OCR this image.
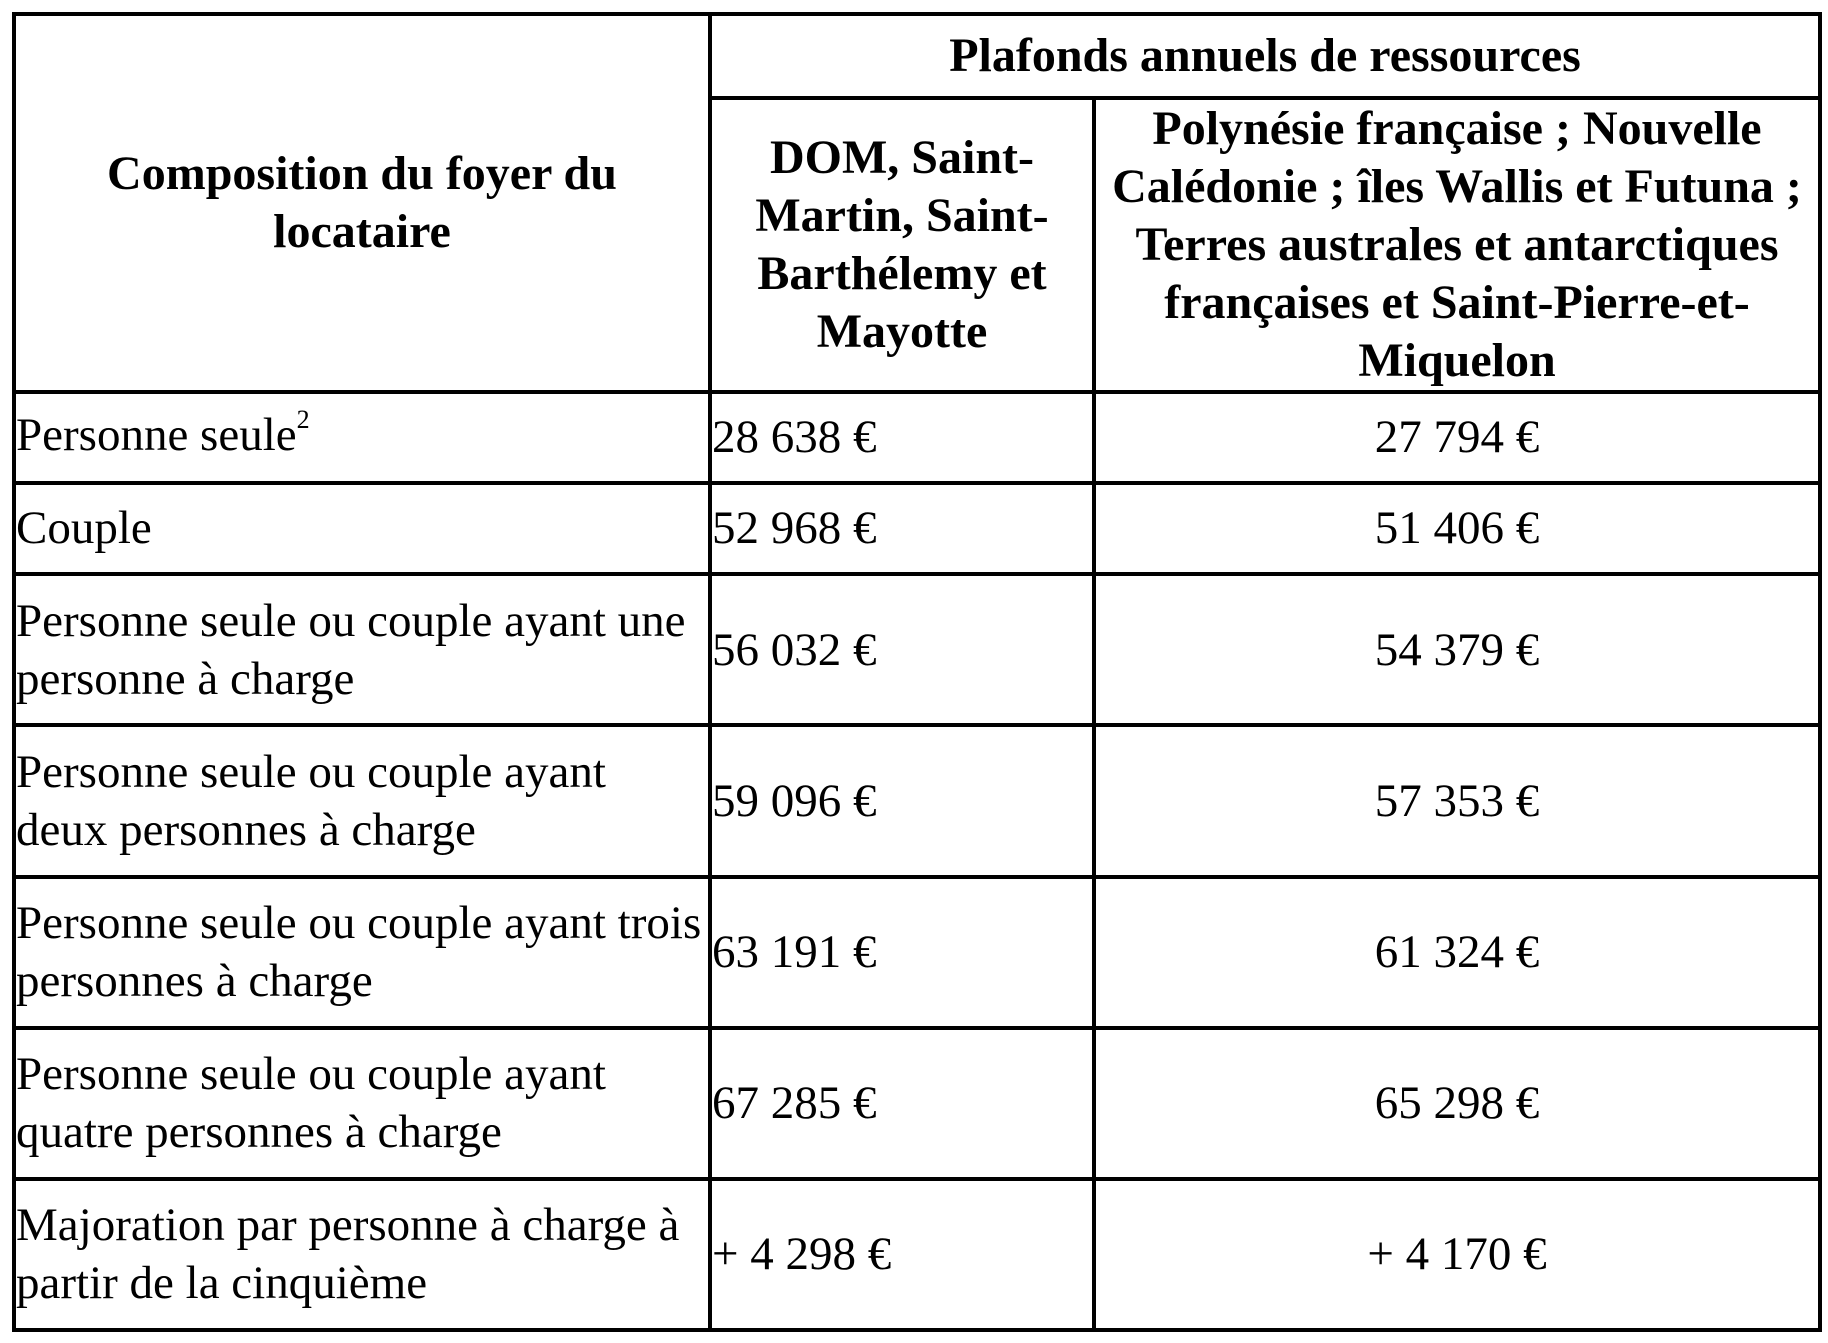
Composition du foyer du locataire	Plafonds annuels de ressources	
	DOM, Saint-Martin, Saint-Barthélemy et Mayotte	Polynésie française ; Nouvelle Calédonie ; îles Wallis et Futuna ; Terres australes et antarctiques françaises et Saint-Pierre-et-Miquelon
Personne seule$^2$	28 638 €	27 794 €
Couple	52 968 €	51 406 €
Personne seule ou couple ayant une personne à charge	56 032 €	54 379 €
Personne seule ou couple ayant deux personnes à charge	59 096 €	57 353 €
Personne seule ou couple ayant trois personnes à charge	63 191 €	61 324 €
Personne seule ou couple ayant quatre personnes à charge	67 285 €	65 298 €
Majoration par personne à charge à partir de la cinquième	+ 4 298 €	+ 4 170 €
